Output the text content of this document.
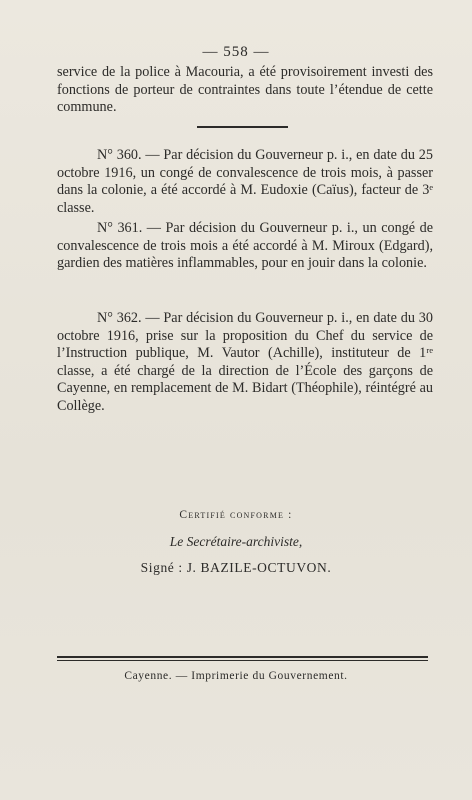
— 558 —

service de la police à Macouria, a été provisoirement investi des fonctions de porteur de contraintes dans toute l’étendue de cette commune.

N° 360. — Par décision du Gouverneur p. i., en date du 25 octobre 1916, un congé de convalescence de trois mois, à passer dans la colonie, a été accordé à M. Eudoxie (Caïus), facteur de 3ᵉ classe.

N° 361. — Par décision du Gouverneur p. i., un congé de convalescence de trois mois a été accordé à M. Miroux (Edgard), gardien des matières inflammables, pour en jouir dans la colonie.

N° 362. — Par décision du Gouverneur p. i., en date du 30 octobre 1916, prise sur la proposition du Chef du service de l’Instruction publique, M. Vautor (Achille), instituteur de 1ʳᵉ classe, a été chargé de la direction de l’École des garçons de Cayenne, en remplacement de M. Bidart (Théophile), réintégré au Collège.

Certifié conforme :
Le Secrétaire-archiviste,
Signé : J. BAZILE-OCTUVON.
Cayenne. — Imprimerie du Gouvernement.
